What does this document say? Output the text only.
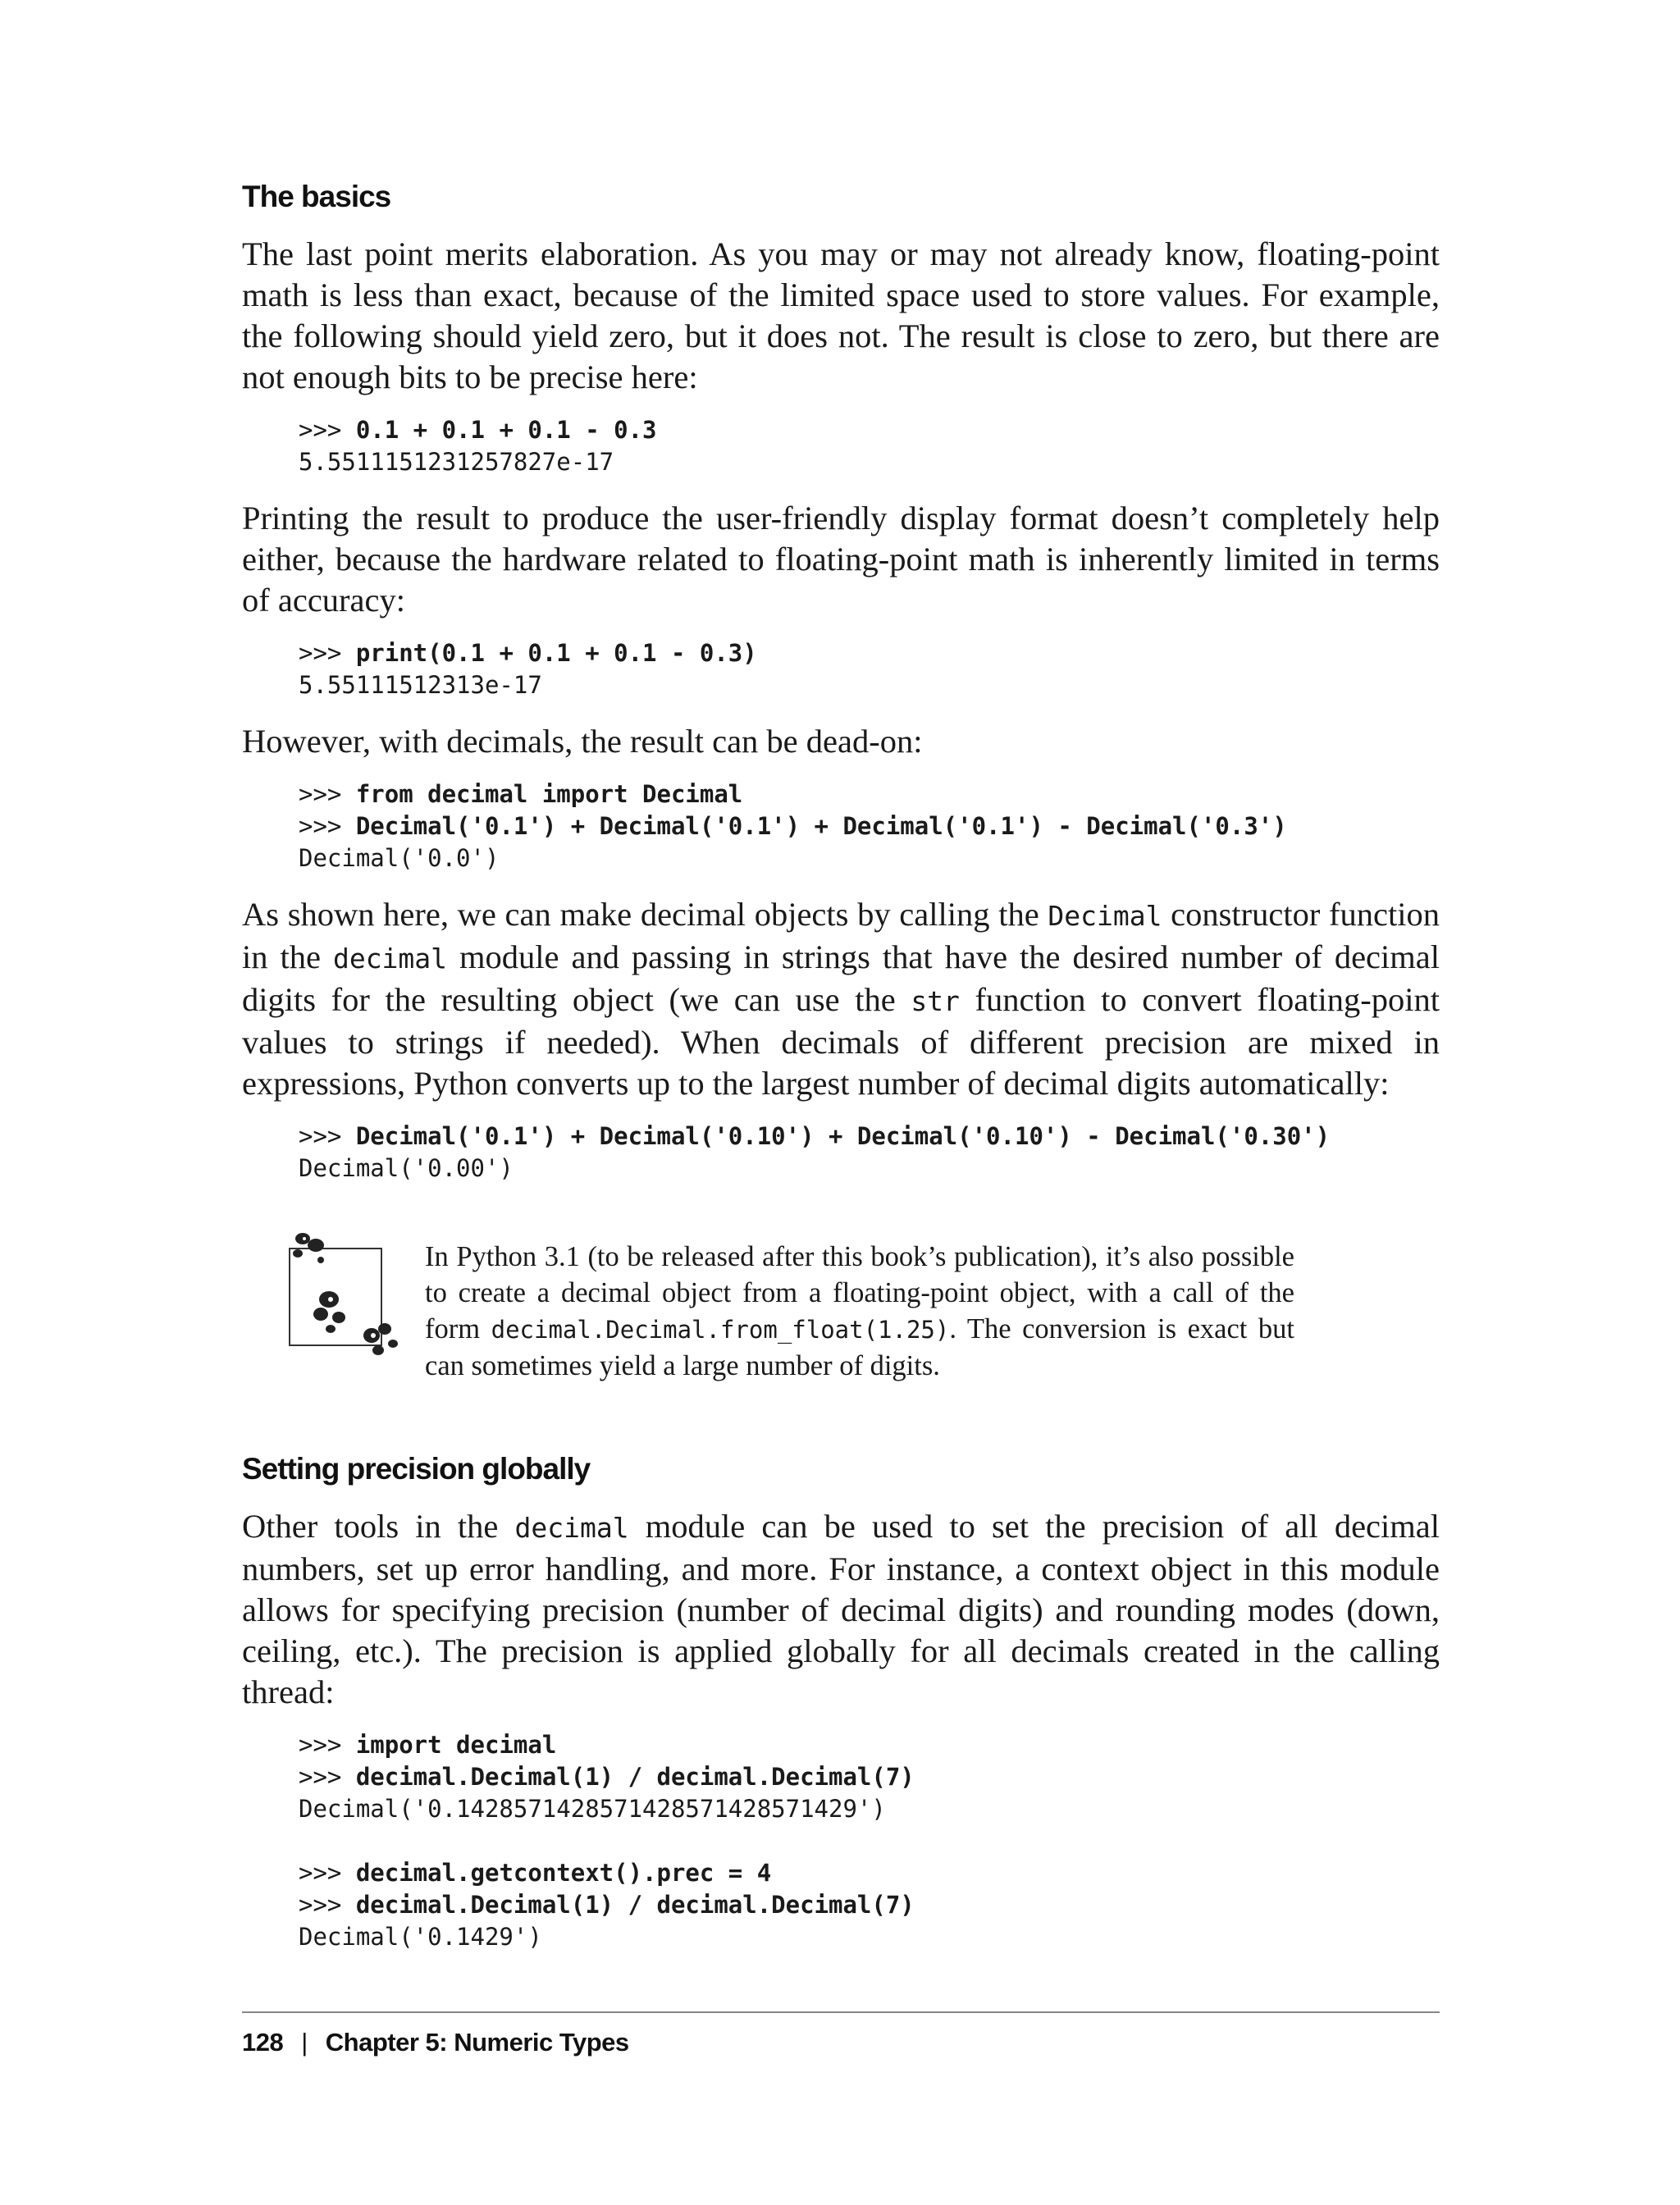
The basics

The last point merits elaboration. As you may or may not already know, floating-point math is less than exact, because of the limited space used to store values. For example, the following should yield zero, but it does not. The result is close to zero, but there are not enough bits to be precise here:

>>> 0.1 + 0.1 + 0.1 - 0.3
5.5511151231257827e-17

Printing the result to produce the user-friendly display format doesn’t completely help either, because the hardware related to floating-point math is inherently limited in terms of accuracy:

>>> print(0.1 + 0.1 + 0.1 - 0.3)
5.55111512313e-17

However, with decimals, the result can be dead-on:

>>> from decimal import Decimal
>>> Decimal('0.1') + Decimal('0.1') + Decimal('0.1') - Decimal('0.3')
Decimal('0.0')

As shown here, we can make decimal objects by calling the Decimal constructor function in the decimal module and passing in strings that have the desired number of decimal digits for the resulting object (we can use the str function to convert floating-point values to strings if needed). When decimals of different precision are mixed in expressions, Python converts up to the largest number of decimal digits automatically:

>>> Decimal('0.1') + Decimal('0.10') + Decimal('0.10') - Decimal('0.30')
Decimal('0.00')
In Python 3.1 (to be released after this book’s publication), it’s also possible to create a decimal object from a floating-point object, with a call of the form decimal.Decimal.from_float(1.25). The conversion is exact but can sometimes yield a large number of digits.
Setting precision globally

Other tools in the decimal module can be used to set the precision of all decimal numbers, set up error handling, and more. For instance, a context object in this module allows for specifying precision (number of decimal digits) and rounding modes (down, ceiling, etc.). The precision is applied globally for all decimals created in the calling thread:

>>> import decimal
>>> decimal.Decimal(1) / decimal.Decimal(7)
Decimal('0.1428571428571428571428571429')
>>> decimal.getcontext().prec = 4
>>> decimal.Decimal(1) / decimal.Decimal(7)
Decimal('0.1429')
128 | Chapter 5: Numeric Types
